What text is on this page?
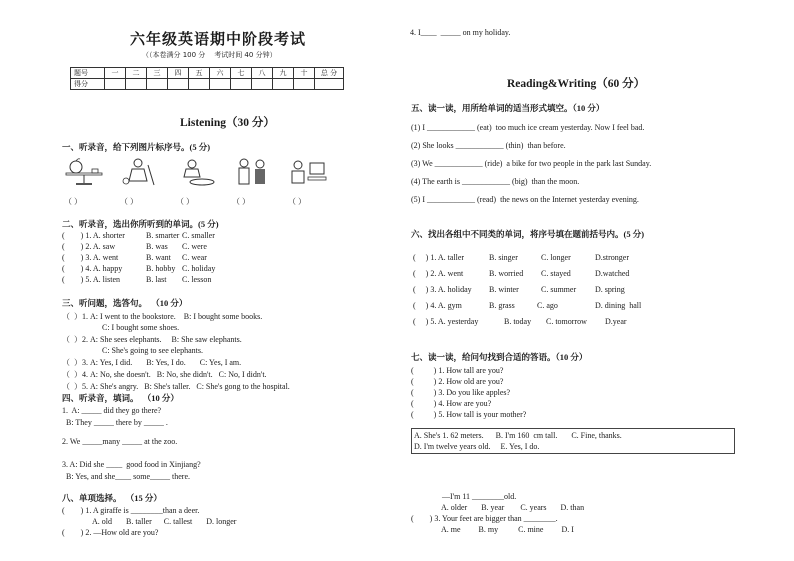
六年级英语期中阶段考试
（（本卷满分 100 分    考试时间 40 分钟）
题号	一	二	三	四	五	六	七	八	九	十	总 分
得分											
Listening（30 分）
一、听录音，给下列图片标序号。(5 分)
（ ）	（ ）	（ ）	（ ）	（ ）
二、听录音，选出你所听到的单词。(5 分)
(        ) 1. A. shorter	B. smarter C. smaller
(        ) 2. A. saw	B. was C. were
(        ) 3. A. went	B. want C. wear
(        ) 4. A. happy	B. hobby C. holiday
(        ) 5. A. listen	B. last C. lesson
三、听问题，选答句。  （10 分）
（  ）1. A: I went to the bookstore.    B: I bought some books.
C: I bought some shoes.
（  ）2. A: She sees elephants.     B: She saw elephants.
C: She's going to see elephants.
（  ）3. A: Yes, I did.       B: Yes, I do.       C: Yes, I am.
（  ）4. A: No, she doesn't.   B: No, she didn't.   C: No, I didn't.
（  ）5. A: She's angry.   B: She's taller.   C: She's gong to the hospital.
四、听录音，填词。  （10 分）
1.  A: _____ did they go there?
B: They _____ there by _____ .
2. We _____many _____ at the zoo.
3. A: Did she ____  good food in Xinjiang?
B: Yes, and she____ some_____ there.
八、单项选择。  （15 分）
(        ) 1. A giraffe is ________than a deer.
A. old       B. taller      C. tallest       D. longer
(        ) 2. —How old are you?
4. I____  _____ on my holiday.
Reading&Writing（60 分）
五、读一读，用所给单词的适当形式填空。（10 分）
(1) I ____________ (eat)  too much ice cream yesterday. Now I feel bad.
(2) She looks ____________ (thin)  than before.
(3) We ____________ (ride)  a bike for two people in the park last Sunday.
(4) The earth is ____________ (big)  than the moon.
(5) I ____________ (read)  the news on the Internet yesterday evening.
六、找出各组中不同类的单词，将序号填在题前括号内。(5 分)
(     ) 1. A. taller	B. singer	C. longer	D.stronger
(     ) 2. A. went	B. worried C. stayed	D.watched
(     ) 3. A. holiday B. winter	C. summer D. spring
(     ) 4. A. gym	B. grass	C. ago	D. dining  hall
(     ) 5. A. yesterday	B. today C. tomorrow D.year
七、读一读，给问句找到合适的答语。（10 分）
(          ) 1. How tall are you?
(          ) 2. How old are you?
(          ) 3. Do you like apples?
(          ) 4. How are you?
(          ) 5. How tall is your mother?
A. She's 1. 62 meters.      B. I'm 160  cm tall.       C. Fine, thanks.
D. I'm twelve years old.     E. Yes, I do.
—I'm 11 ________old.
A. older       B. year        C. years       D. than
(        ) 3. Your feet are bigger than ________.
A. me         B. my          C. mine         D. I
